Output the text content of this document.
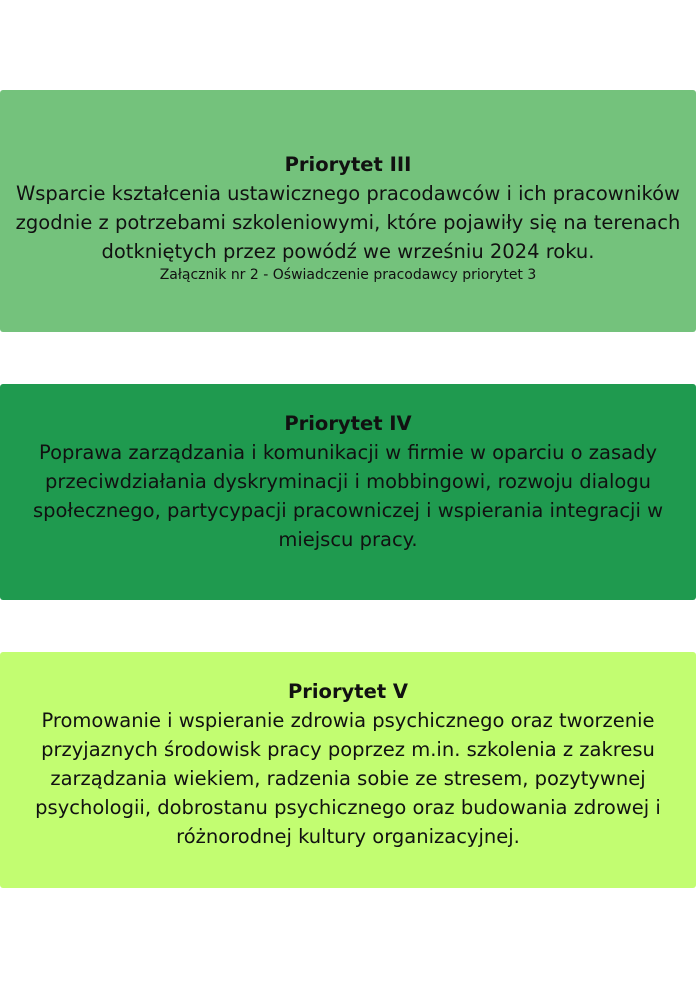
Priorytet III

Wsparcie kształcenia ustawicznego pracodawców i ich pracowników zgodnie z potrzebami szkoleniowymi, które pojawiły się na terenach dotkniętych przez powódź we wrześniu 2024 roku.

Załącznik nr 2 - Oświadczenie pracodawcy priorytet 3

Priorytet IV

Poprawa zarządzania i komunikacji w firmie w oparciu o zasady przeciwdziałania dyskryminacji i mobbingowi, rozwoju dialogu społecznego, partycypacji pracowniczej i wspierania integracji w miejscu pracy.

Priorytet V

Promowanie i wspieranie zdrowia psychicznego oraz tworzenie przyjaznych środowisk pracy poprzez m.in. szkolenia z zakresu zarządzania wiekiem, radzenia sobie ze stresem, pozytywnej psychologii, dobrostanu psychicznego oraz budowania zdrowej i różnorodnej kultury organizacyjnej.
